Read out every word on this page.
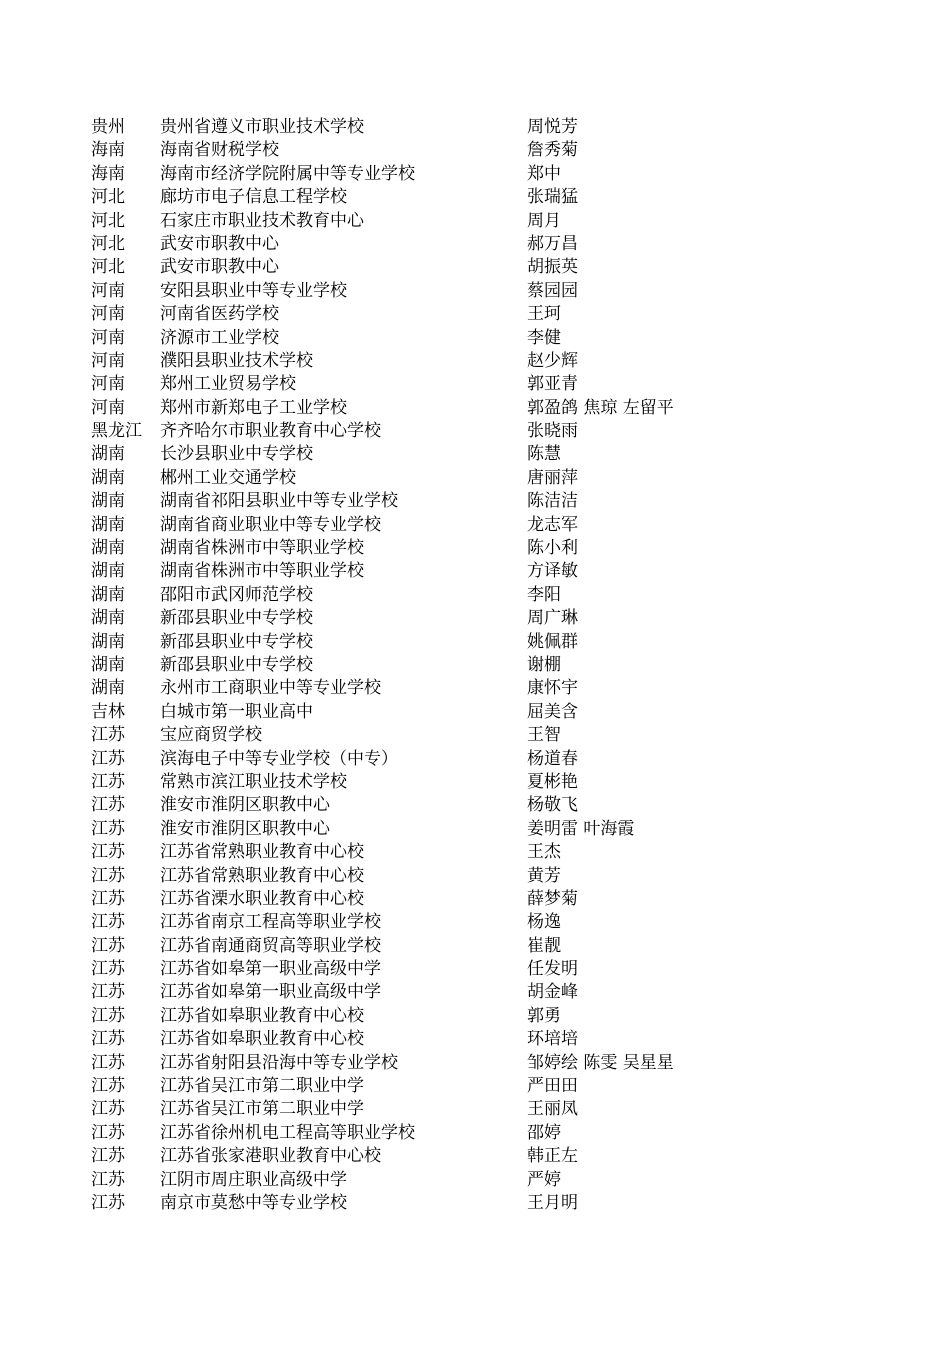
贵州 贵州省遵义市职业技术学校	周悦芳
海南 海南省财税学校	詹秀菊
海南 海南市经济学院附属中等专业学校	郑中
河北 廊坊市电子信息工程学校	张瑞猛
河北 石家庄市职业技术教育中心	周月
河北 武安市职教中心	郝万昌
河北 武安市职教中心	胡振英
河南 安阳县职业中等专业学校	蔡园园
河南 河南省医药学校	王珂
河南 济源市工业学校	李健
河南 濮阳县职业技术学校	赵少辉
河南 郑州工业贸易学校	郭亚青
河南 郑州市新郑电子工业学校	郭盈鸽 焦琼 左留平
黑龙江 齐齐哈尔市职业教育中心学校	张晓雨
湖南 长沙县职业中专学校	陈慧
湖南 郴州工业交通学校	唐丽萍
湖南 湖南省祁阳县职业中等专业学校	陈洁洁
湖南 湖南省商业职业中等专业学校	龙志军
湖南 湖南省株洲市中等职业学校	陈小利
湖南 湖南省株洲市中等职业学校	方译敏
湖南 邵阳市武冈师范学校	李阳
湖南 新邵县职业中专学校	周广琳
湖南 新邵县职业中专学校	姚佩群
湖南 新邵县职业中专学校	谢棚
湖南 永州市工商职业中等专业学校	康怀宇
吉林 白城市第一职业高中	屈美含
江苏 宝应商贸学校	王智
江苏 滨海电子中等专业学校（中专）	杨道春
江苏 常熟市滨江职业技术学校	夏彬艳
江苏 淮安市淮阴区职教中心	杨敬飞
江苏 淮安市淮阴区职教中心	姜明雷 叶海霞
江苏 江苏省常熟职业教育中心校	王杰
江苏 江苏省常熟职业教育中心校	黄芳
江苏 江苏省溧水职业教育中心校	薛梦菊
江苏 江苏省南京工程高等职业学校	杨逸
江苏 江苏省南通商贸高等职业学校	崔靓
江苏 江苏省如皋第一职业高级中学	任发明
江苏 江苏省如皋第一职业高级中学	胡金峰
江苏 江苏省如皋职业教育中心校	郭勇
江苏 江苏省如皋职业教育中心校	环培培
江苏 江苏省射阳县沿海中等专业学校	邹婷绘 陈雯 吴星星
江苏 江苏省吴江市第二职业中学	严田田
江苏 江苏省吴江市第二职业中学	王丽凤
江苏 江苏省徐州机电工程高等职业学校	邵婷
江苏 江苏省张家港职业教育中心校	韩正左
江苏 江阴市周庄职业高级中学	严婷
江苏 南京市莫愁中等专业学校	王月明
